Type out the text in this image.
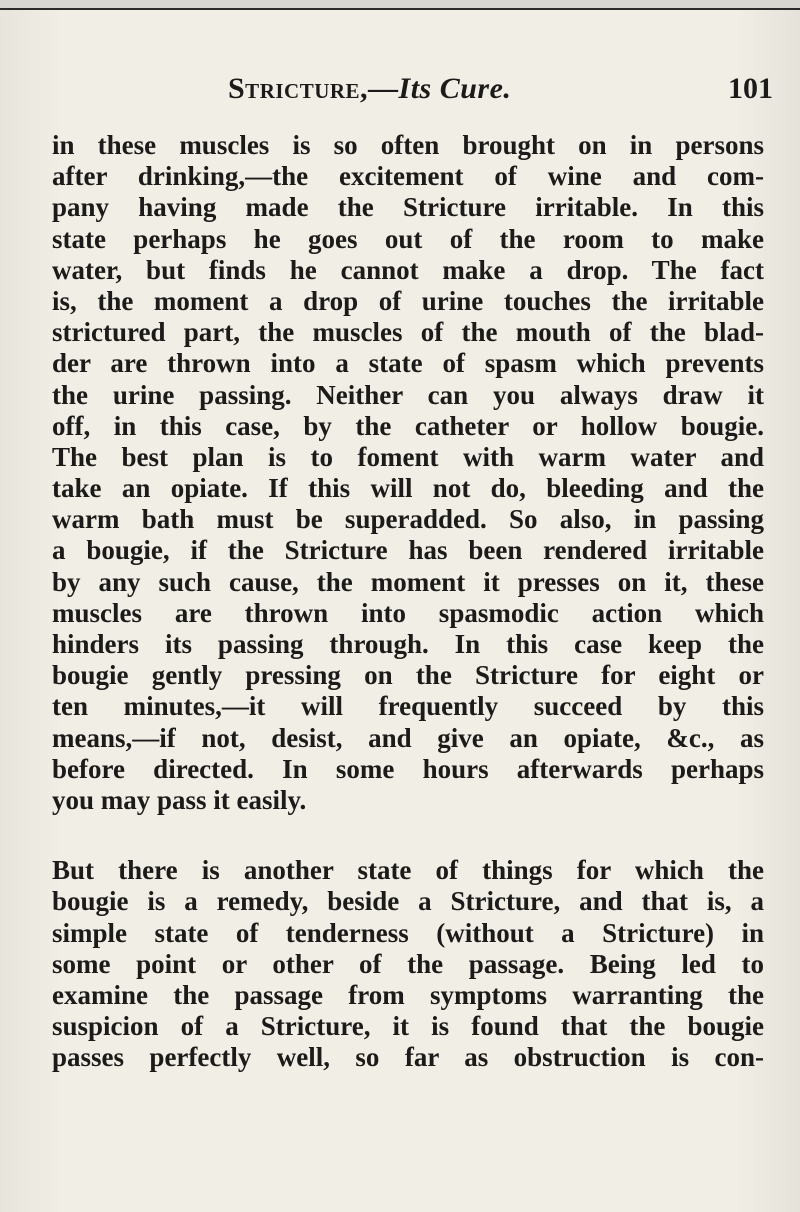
Stricture,—Its Cure.	101
in these muscles is so often brought on in persons
after drinking,—the excitement of wine and com-
pany having made the Stricture irritable. In this
state perhaps he goes out of the room to make
water, but finds he cannot make a drop. The fact
is, the moment a drop of urine touches the irritable
strictured part, the muscles of the mouth of the blad-
der are thrown into a state of spasm which prevents
the urine passing. Neither can you always draw it
off, in this case, by the catheter or hollow bougie.
The best plan is to foment with warm water and
take an opiate. If this will not do, bleeding and the
warm bath must be superadded. So also, in passing
a bougie, if the Stricture has been rendered irritable
by any such cause, the moment it presses on it, these
muscles are thrown into spasmodic action which
hinders its passing through. In this case keep the
bougie gently pressing on the Stricture for eight or
ten minutes,—it will frequently succeed by this
means,—if not, desist, and give an opiate, &c., as
before directed. In some hours afterwards perhaps
you may pass it easily.
But there is another state of things for which the
bougie is a remedy, beside a Stricture, and that is, a
simple state of tenderness (without a Stricture) in
some point or other of the passage. Being led to
examine the passage from symptoms warranting the
suspicion of a Stricture, it is found that the bougie
passes perfectly well, so far as obstruction is con-
